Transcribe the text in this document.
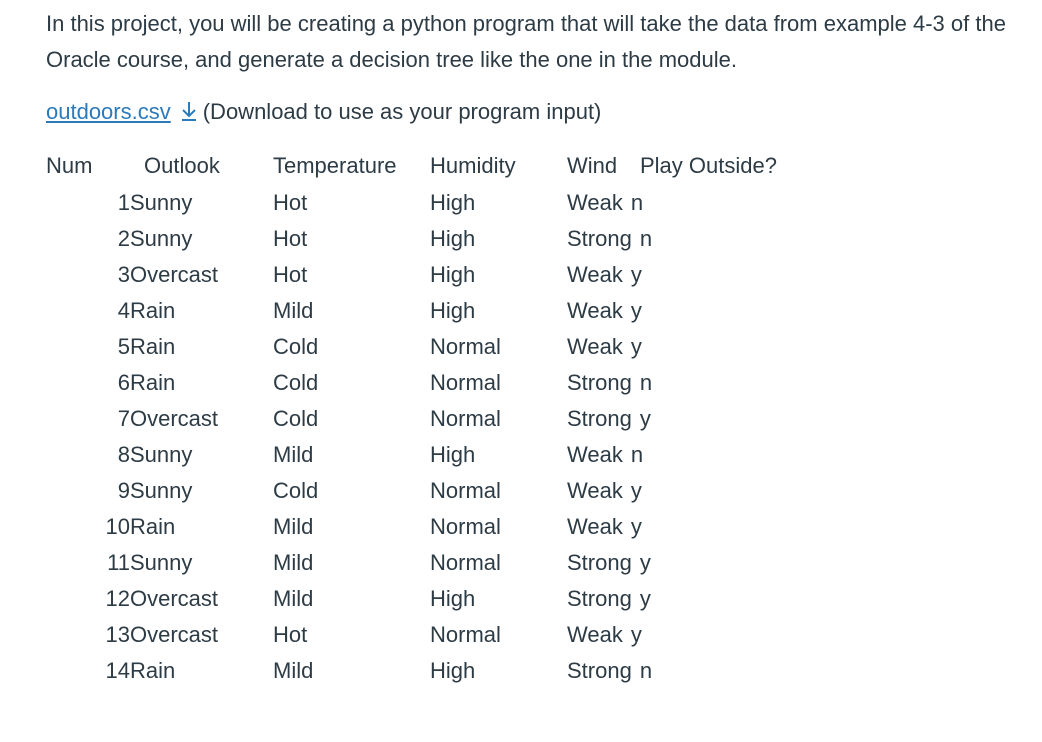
In this project, you will be creating a python program that will take the data from example 4-3 of the Oracle course, and generate a decision tree like the one in the module.

outdoors.csv (Download to use as your program input)
Num Outlook Temperature Humidity Wind Play Outside?
1 Sunny	Hot	High	Weak n
2 Sunny	Hot	High	Strong n
3 Overcast Hot	High	Weak y
4 Rain	Mild	High	Weak y
5 Rain	Cold	Normal	Weak y
6 Rain	Cold	Normal	Strong n
7 Overcast Cold	Normal	Strong y
8 Sunny	Mild	High	Weak n
9 Sunny	Cold	Normal	Weak y
10 Rain	Mild	Normal	Weak y
11 Sunny	Mild	Normal	Strong y
12 Overcast Mild	High	Strong y
13 Overcast Hot	Normal	Weak y
14 Rain	Mild	High	Strong n
